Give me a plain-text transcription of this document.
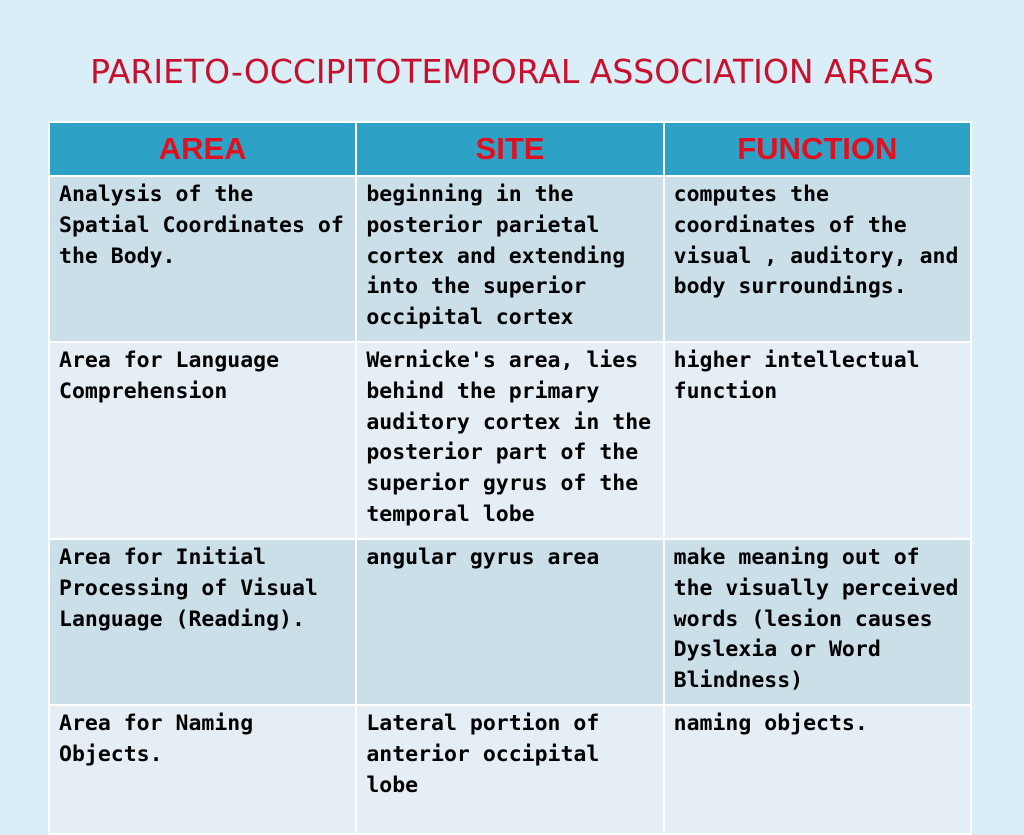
PARIETO-OCCIPITOTEMPORAL ASSOCIATION AREAS
AREA	SITE	FUNCTION
Analysis of the Spatial Coordinates of the Body.	beginning in the posterior parietal cortex and extending into the superior occipital cortex	computes the coordinates of the visual , auditory, and body surroundings.
Area for Language Comprehension	Wernicke's area, lies behind the primary auditory cortex in the posterior part of the superior gyrus of the temporal lobe	higher intellectual function
Area for Initial Processing of Visual Language (Reading).	angular gyrus area	make meaning out of the visually perceived words (lesion causes Dyslexia or Word Blindness)
Area for Naming Objects.	Lateral portion of anterior occipital lobe	naming objects.
